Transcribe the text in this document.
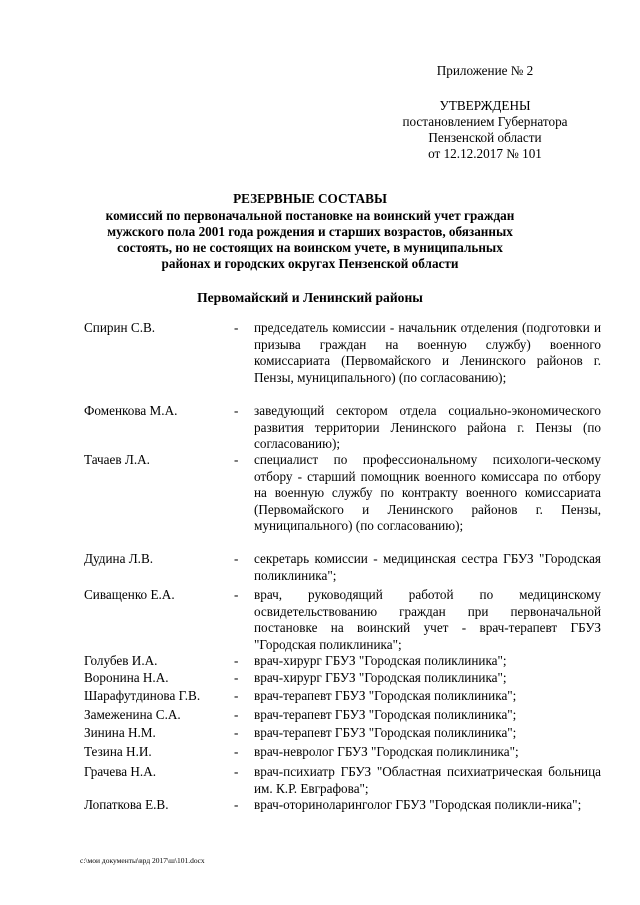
Приложение № 2
УТВЕРЖДЕНЫ
постановлением Губернатора
Пензенской области
от 12.12.2017 № 101
РЕЗЕРВНЫЕ СОСТАВЫ
комиссий по первоначальной постановке на воинский учет граждан
мужского пола 2001 года рождения и старших возрастов, обязанных
состоять, но не состоящих на воинском учете, в муниципальных
районах и городских округах Пензенской области
Первомайский и Ленинский районы
Спирин С.В.	- председатель комиссии - начальник отделения (подготовки и призыва граждан на военную службу) военного комиссариата (Первомайского и Ленинского районов г. Пензы, муниципального) (по согласованию);
Фоменкова М.А.	- заведующий сектором отдела социально-экономического развития территории Ленинского района г. Пензы (по согласованию);
Тачаев Л.А.	- специалист по профессиональному психологи-ческому отбору - старший помощник военного комиссара по отбору на военную службу по контракту военного комиссариата (Первомайского и Ленинского районов г. Пензы, муниципального) (по согласованию);
Дудина Л.В.	- секретарь комиссии - медицинская сестра ГБУЗ "Городская поликлиника";
Сиващенко Е.А.	- врач, руководящий работой по медицинскому освидетельствованию граждан при первоначальной постановке на воинский учет - врач-терапевт ГБУЗ "Городская поликлиника";
Голубев И.А.	- врач-хирург ГБУЗ "Городская поликлиника";
Воронина Н.А.	- врач-хирург ГБУЗ "Городская поликлиника";
Шарафутдинова Г.В.	- врач-терапевт ГБУЗ "Городская поликлиника";
Замеженина С.А.	- врач-терапевт ГБУЗ "Городская поликлиника";
Зинина Н.М.	- врач-терапевт ГБУЗ "Городская поликлиника";
Тезина Н.И.	- врач-невролог ГБУЗ "Городская поликлиника";
Грачева Н.А.	- врач-психиатр ГБУЗ "Областная психиатрическая больница им. К.Р. Евграфова";
Лопаткова Е.В.	- врач-оториноларинголог ГБУЗ "Городская поликли-ника";
c:\мои документы\врд 2017\ш\101.docx
